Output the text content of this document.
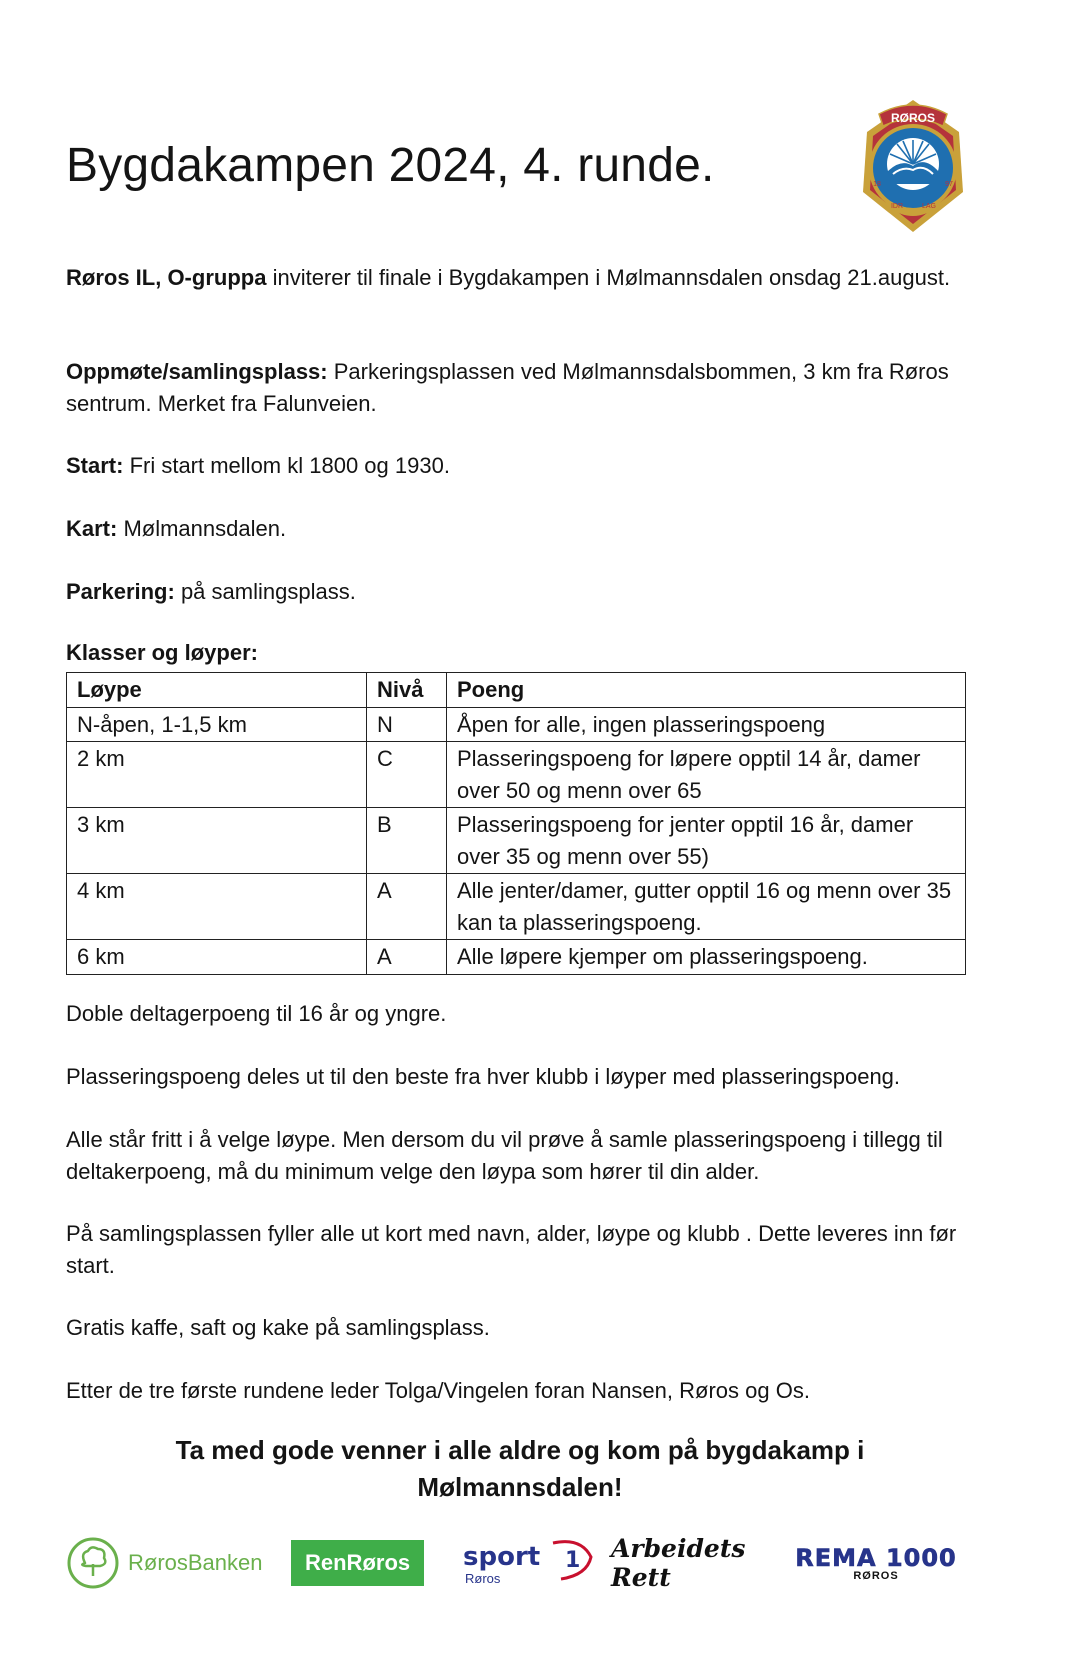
Bygdakampen 2024, 4. runde.
RØROS
18	97
IDR	LAG

Røros IL, O-gruppa inviterer til finale i Bygdakampen i Mølmannsdalen onsdag 21.august.

Oppmøte/samlingsplass: Parkeringsplassen ved Mølmannsdalsbommen, 3 km fra Røros sentrum. Merket fra Falunveien.

Start: Fri start mellom kl 1800 og 1930.

Kart: Mølmannsdalen.

Parkering: på samlingsplass.

Klasser og løyper:
Løype	Nivå	Poeng
N-åpen, 1-1,5 km	N	Åpen for alle, ingen plasseringspoeng
2 km	C	Plasseringspoeng for løpere opptil 14 år, damer over 50 og menn over 65
3 km	B	Plasseringspoeng for jenter opptil 16 år, damer over 35 og menn over 55)
4 km	A	Alle jenter/damer, gutter opptil 16 og menn over 35 kan ta plasseringspoeng.
6 km	A	Alle løpere kjemper om plasseringspoeng.

Doble deltagerpoeng til 16 år og yngre.

Plasseringspoeng deles ut til den beste fra hver klubb i løyper med plasseringspoeng.

Alle står fritt i å velge løype. Men dersom du vil prøve å samle plasseringspoeng i tillegg til deltakerpoeng, må du minimum velge den løypa som hører til din alder.

På samlingsplassen fyller alle ut kort med navn, alder, løype og klubb . Dette leveres inn før start.

Gratis kaffe, saft og kake på samlingsplass.

Etter de tre første rundene leder Tolga/Vingelen foran Nansen, Røros og Os.

Ta med gode venner i alle aldre og kom på bygdakamp i Mølmannsdalen!
RørosBanken	RenRøros	sport 1
Røros
Arbeidets Rett
REMA 1000
RØROS
